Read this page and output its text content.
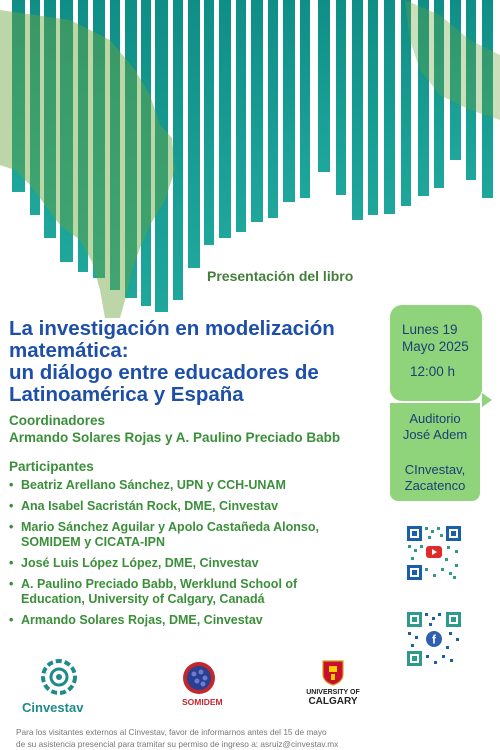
Presentación del libro
La investigación en modelización
matemática:
un diálogo entre educadores de
Latinoamérica y España
Coordinadores
Armando Solares Rojas y A. Paulino Preciado Babb
Participantes
• Beatriz Arellano Sánchez, UPN y CCH-UNAM
• Ana Isabel Sacristán Rock, DME, Cinvestav
• Mario Sánchez Aguilar y Apolo Castañeda Alonso,
SOMIDEM y CICATA-IPN
• José Luis López López, DME, Cinvestav
• A. Paulino Preciado Babb, Werklund School of
Education, University of Calgary, Canadá
• Armando Solares Rojas, DME, Cinvestav
Lunes 19
Mayo 2025
12:00 h
Auditorio
José Adem
CInvestav,
Zacatenco
f
Cinvestav	SOMIDEM
UNIVERSITY OF
CALGARY
Para los visitantes externos al Cinvestav, favor de informarnos antes del 15 de mayo
de su asistencia presencial para tramitar su permiso de ingreso a: asruiz@cinvestav.mx
